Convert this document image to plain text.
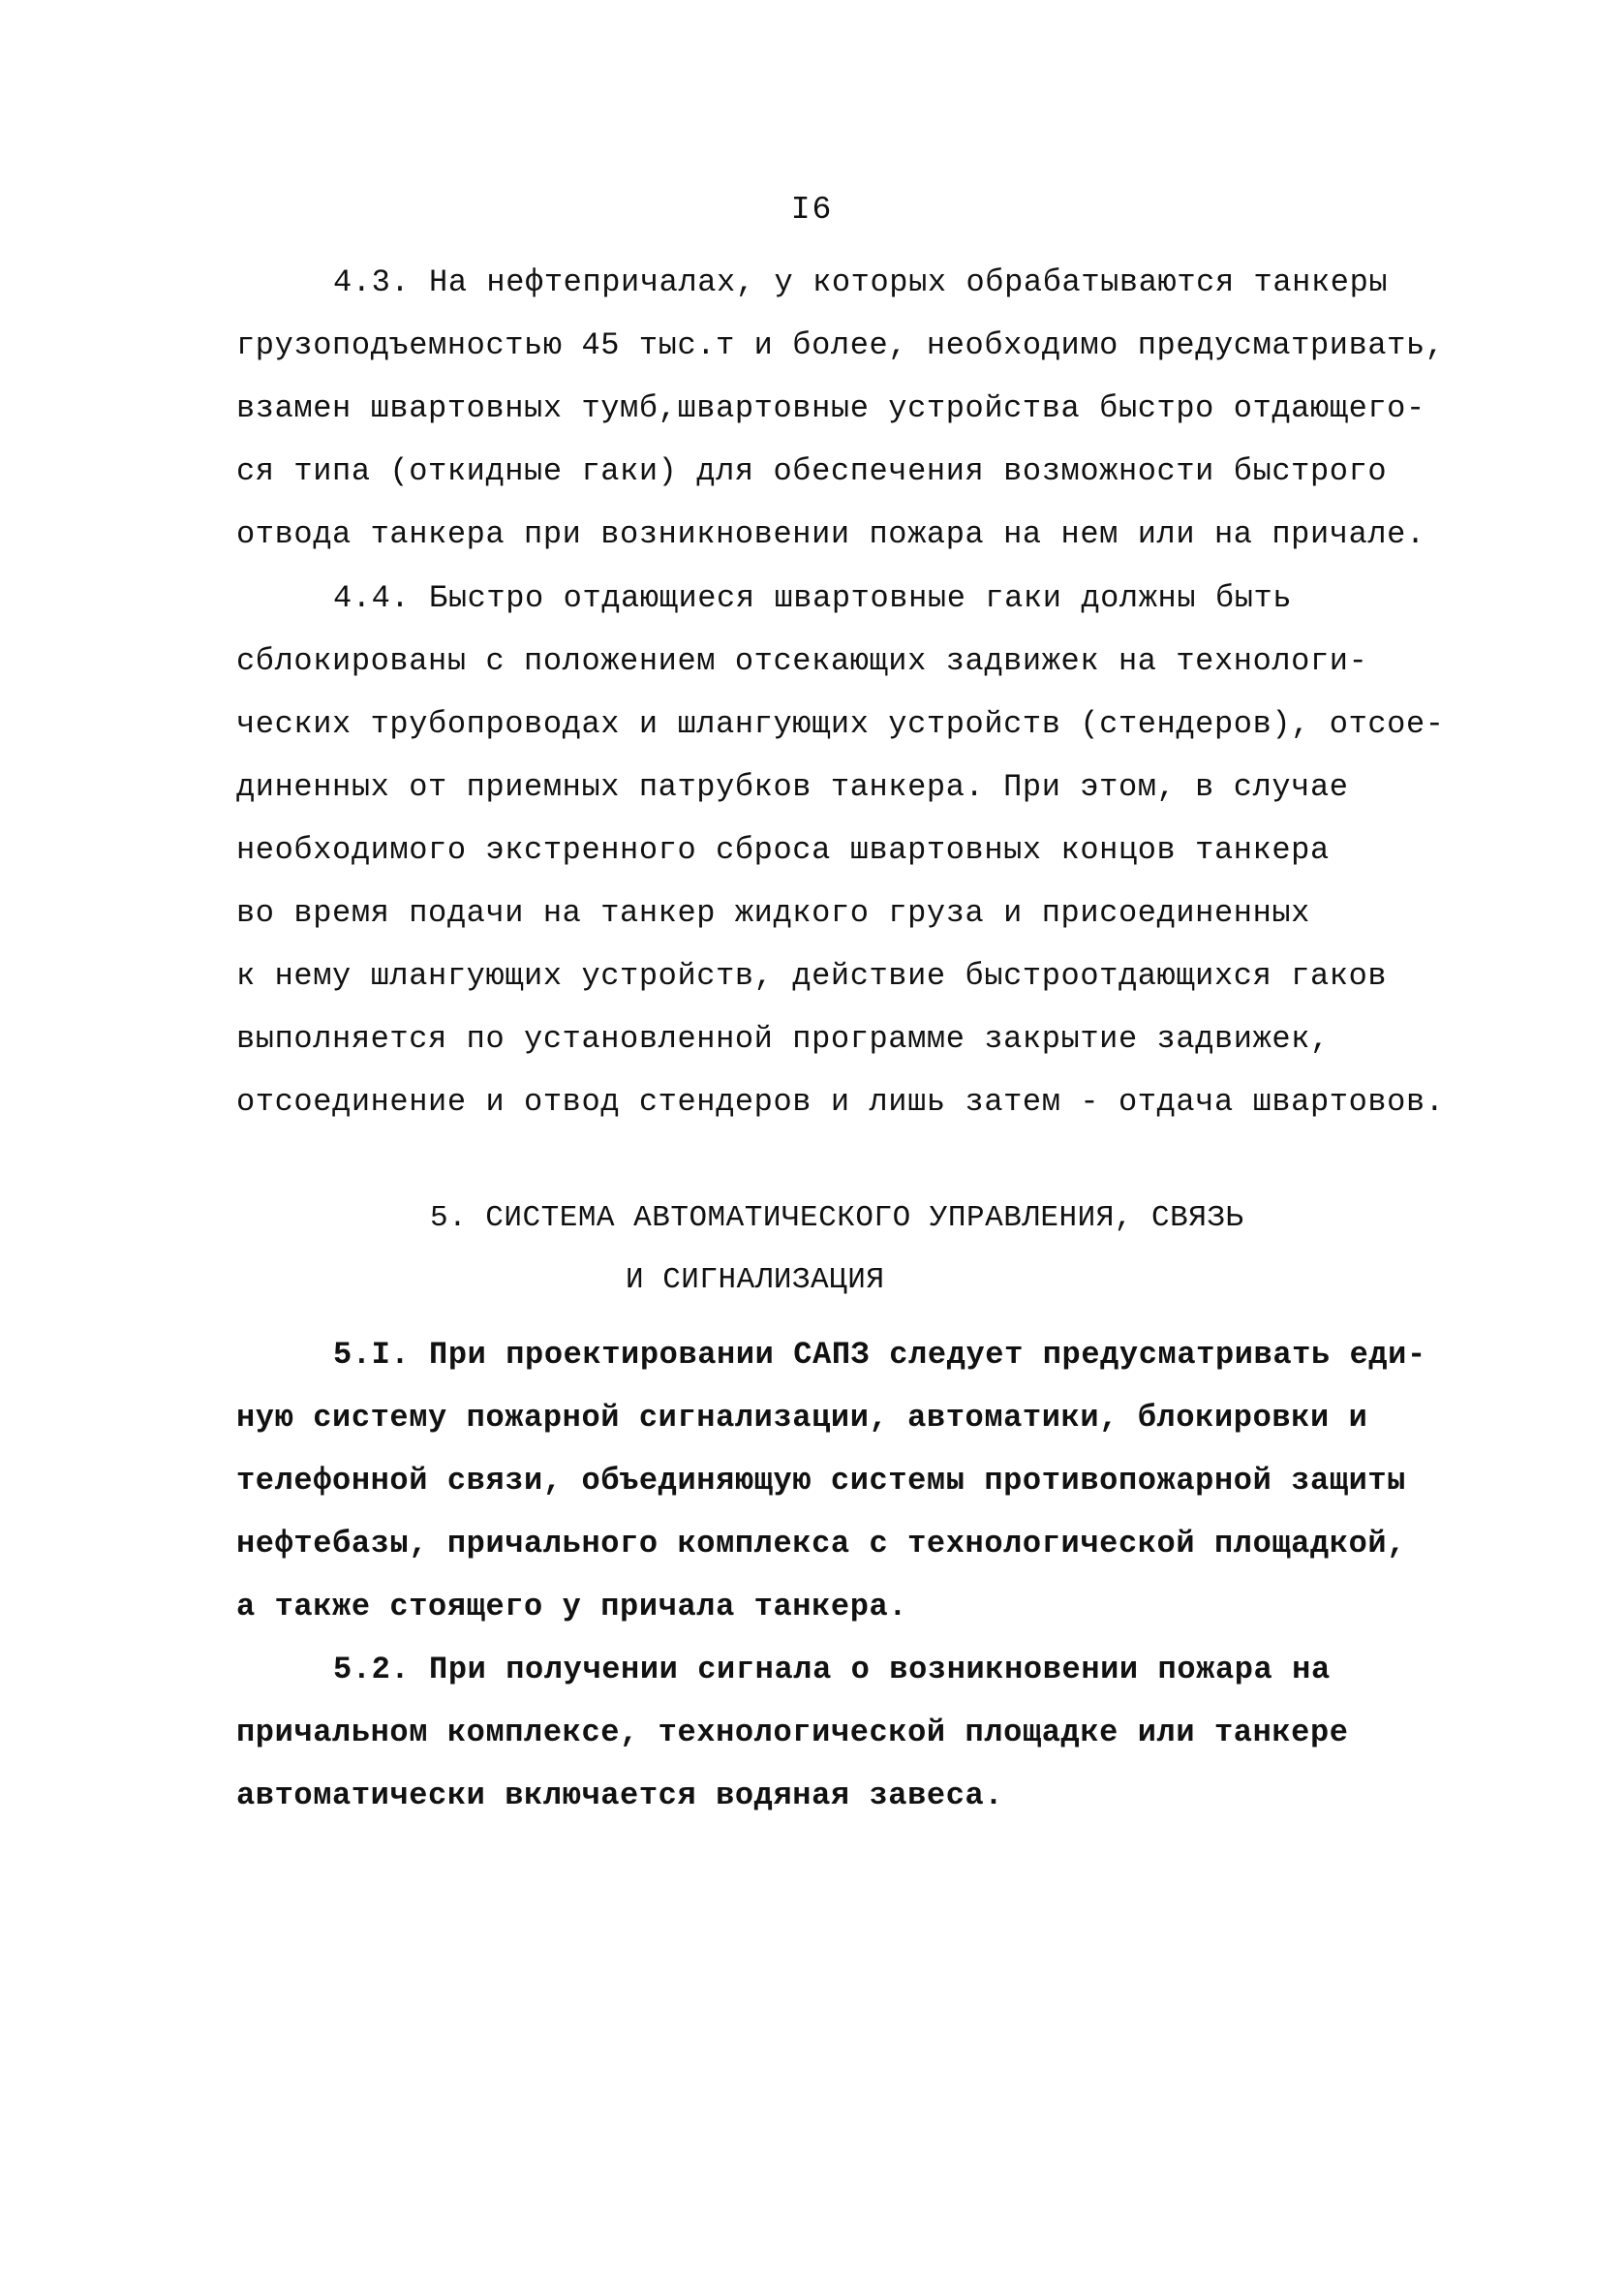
I6
4.3. На нефтепричалах, у которых обрабатываются танкеры
грузоподъемностью 45 тыс.т и более, необходимо предусматривать,
взамен швартовных тумб,швартовные устройства быстро отдающего-
ся типа (откидные гаки) для обеспечения возможности быстрого
отвода танкера при возникновении пожара на нем или на причале.
4.4. Быстро отдающиеся швартовные гаки должны быть
сблокированы с положением отсекающих задвижек на технологи-
ческих трубопроводах и шлангующих устройств (стендеров), отсое-
диненных от приемных патрубков танкера. При этом, в случае
необходимого экстренного сброса швартовных концов танкера
во время подачи на танкер жидкого груза и присоединенных
к нему шлангующих устройств, действие быстроотдающихся гаков
выполняется по установленной программе закрытие задвижек,
отсоединение и отвод стендеров и лишь затем - отдача швартовов.
5. СИСТЕМА АВТОМАТИЧЕСКОГО УПРАВЛЕНИЯ, СВЯЗЬ
И СИГНАЛИЗАЦИЯ
5.I. При проектировании САПЗ следует предусматривать еди-
ную систему пожарной сигнализации, автоматики, блокировки и
телефонной связи, объединяющую системы противопожарной защиты
нефтебазы, причального комплекса с технологической площадкой,
а также стоящего у причала танкера.
5.2. При получении сигнала о возникновении пожара на
причальном комплексе, технологической площадке или танкере
автоматически включается водяная завеса.
